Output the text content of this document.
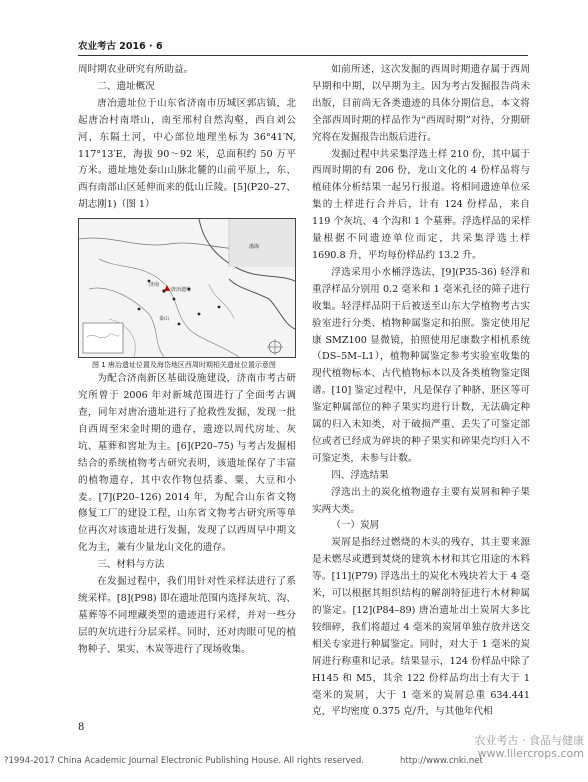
农业考古 2016 · 6

周时期农业研究有所助益。

二、遗址概况

唐冶遗址位于山东省济南市历城区郭店镇，北起唐冶村南塔山，南至邢村自然沟壑，西自刘公河，东隔土河，中心部位地理坐标为 36°41′N, 117°13′E，海拔 90～92 米，总面积约 50 万平方米。遗址地处泰山山脉北麓的山前平原上，东、西有南部山区延伸而来的低山丘陵。[5](P20–27、胡志刚1)（图 1）

济南
唐冶遗址
泰山
渤海

图 1 唐冶遗址位置及海岱地区西周时期相关遗址位置示意图

为配合济南新区基础设施建设，济南市考古研究所曾于 2006 年对新城范围进行了全面考古调查，同年对唐冶遗址进行了抢救性发掘，发现一批自西周至宋金时期的遗存，遗迹以周代房址、灰坑、墓葬和窖址为主。[6](P20–75) 与考古发掘相结合的系统植物考古研究表明，该遗址保存了丰富的植物遗存，其中农作物包括黍、粟、大豆和小麦。[7](P20–126) 2014 年，为配合山东省文物修复工厂的建设工程，山东省文物考古研究所等单位再次对该遗址进行发掘，发现了以西周早中期文化为主，兼有少量龙山文化的遗存。

三、材料与方法

在发掘过程中，我们用针对性采样法进行了系统采样。[8](P98) 即在遗址范围内选择灰坑、沟、墓葬等不同埋藏类型的遗迹进行采样，并对一些分层的灰坑进行分层采样。同时，还对肉眼可见的植物种子、果实、木炭等进行了现场收集。

如前所述，这次发掘的西周时期遗存属于西周早期和中期，以早期为主。因为考古发掘报告尚未出版，目前尚无各类遗迹的具体分期信息，本文将全部西周时期的样品作为“西周时期”对待，分期研究将在发掘报告出版后进行。

发掘过程中共采集浮选土样 210 份，其中属于西周时期的有 206 份，龙山文化的 4 份样品将与植硅体分析结果一起另行报道。将相同遗迹单位采集的土样进行合并后，计有 124 份样品，来自 119 个灰坑、4 个沟和 1 个墓葬。浮选样品的采样量根据不同遗迹单位而定，共采集浮选土样 1690.8 升，平均每份样品约 13.2 升。

浮选采用小水桶浮选法，[9](P35-36) 轻浮和重浮样品分别用 0.2 毫米和 1 毫米孔径的筛子进行收集。轻浮样品阴干后被送至山东大学植物考古实验室进行分类、植物种属鉴定和拍照。鉴定使用尼康 SMZ100 显微镜，拍照使用尼康数字相机系统（DS–5M–L1），植物种属鉴定参考实验室收集的现代植物标本、古代植物标本以及各类植物鉴定图谱。[10] 鉴定过程中，凡是保存了种脐、胚区等可鉴定种属部位的种子果实均进行计数，无法确定种属的归入未知类，对于破损严重、丢失了可鉴定部位或者已经成为碎块的种子果实和碎果壳均归入不可鉴定类，未参与计数。

四、浮选结果

浮选出土的炭化植物遗存主要有炭屑和种子果实两大类。

（一）炭屑

炭屑是指经过燃烧的木头的残存，其主要来源是未燃尽或遭到焚烧的建筑木材和其它用途的木料等。[11](P79) 浮选出土的炭化木残块若大于 4 毫米，可以根据其组织结构的解剖特征进行木材种属的鉴定。[12](P84–89) 唐冶遗址出土炭屑大多比较细碎，我们将超过 4 毫米的炭屑单独存放并送交相关专家进行种属鉴定。同时，对大于 1 毫米的炭屑进行称重和记录。结果显示，124 份样品中除了 H145 和 M5，其余 122 份样品均出土有大于 1 毫米的炭屑，大于 1 毫米的炭屑总重 634.441 克，平均密度 0.375 克/升，与其他年代相

8
农业考古 · 食品与健康
www.lilercrops.com
?1994-2017 China Academic Journal Electronic Publishing House. All rights reserved.	http://www.cnki.net
